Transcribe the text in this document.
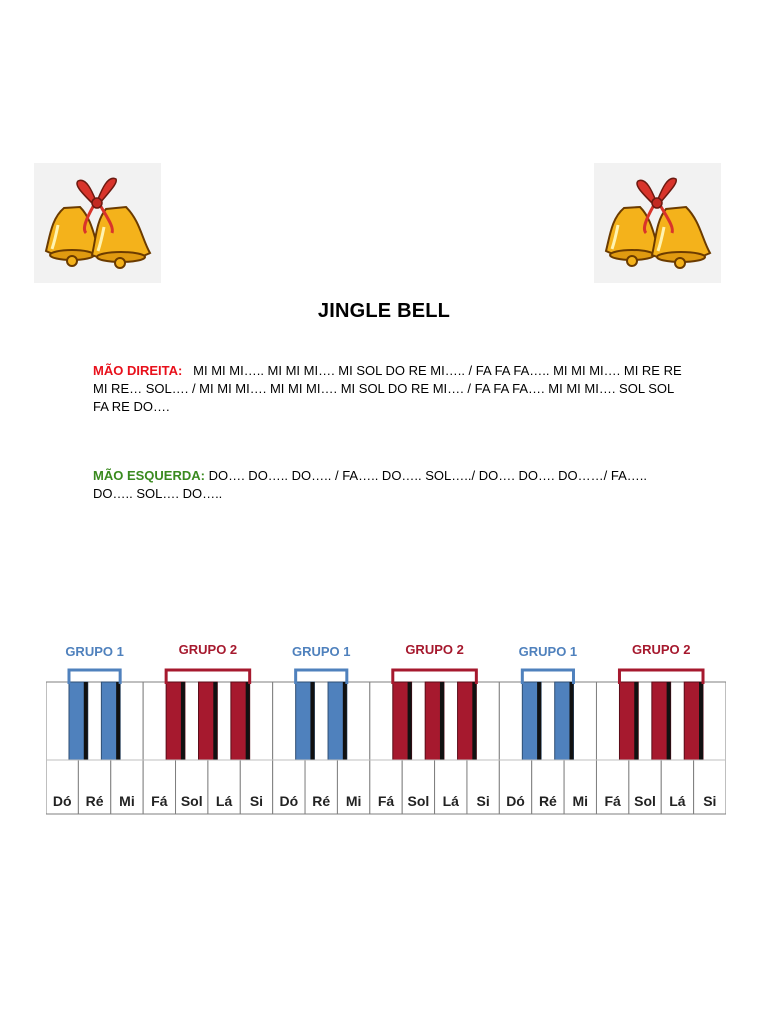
JINGLE BELL
MÃO DIREITA: MI MI MI….. MI MI MI…. MI SOL DO RE MI….. / FA FA FA….. MI MI MI…. MI RE RE MI RE… SOL…. / MI MI MI…. MI MI MI…. MI SOL DO RE MI…. / FA FA FA…. MI MI MI…. SOL SOL FA RE DO….
MÃO ESQUERDA: DO…. DO….. DO….. / FA….. DO….. SOL…../ DO…. DO…. DO……/ FA….. DO….. SOL…. DO…..
GRUPO 1	GRUPO 2	GRUPO 1	GRUPO 2	GRUPO 1	GRUPO 2
Dó Ré Mi Fá Sol Lá Si Dó Ré Mi Fá Sol Lá Si Dó Ré Mi Fá Sol Lá Si
